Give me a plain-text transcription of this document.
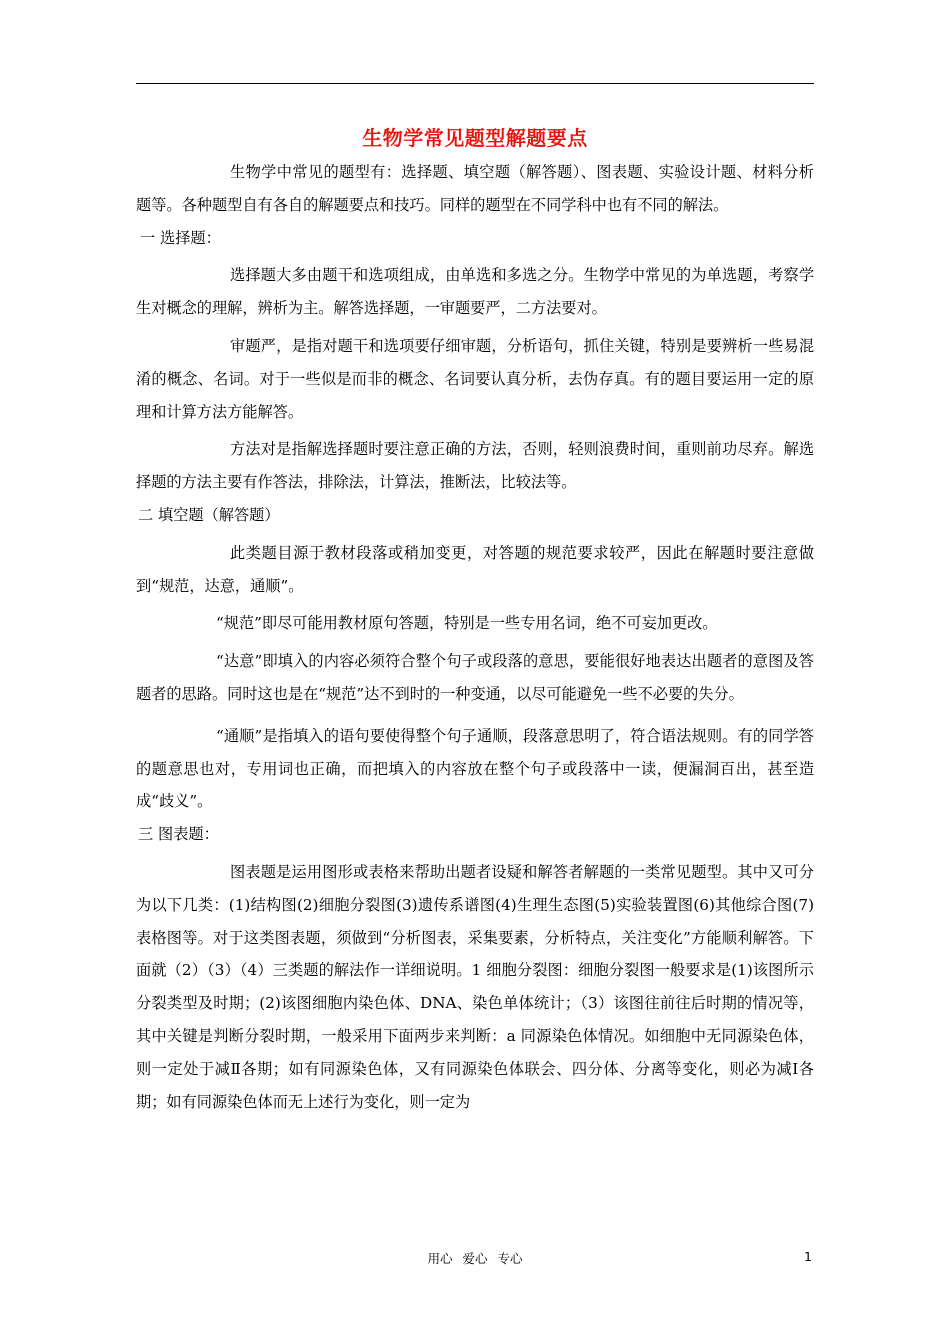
生物学常见题型解题要点

生物学中常见的题型有：选择题、填空题（解答题）、图表题、实验设计题、材料分析题等。各种题型自有各自的解题要点和技巧。同样的题型在不同学科中也有不同的解法。

一 选择题：

选择题大多由题干和选项组成，由单选和多选之分。生物学中常见的为单选题，考察学生对概念的理解，辨析为主。解答选择题，一审题要严，二方法要对。

审题严，是指对题干和选项要仔细审题，分析语句，抓住关键，特别是要辨析一些易混淆的概念、名词。对于一些似是而非的概念、名词要认真分析，去伪存真。有的题目要运用一定的原理和计算方法方能解答。

方法对是指解选择题时要注意正确的方法，否则，轻则浪费时间，重则前功尽弃。解选择题的方法主要有作答法，排除法，计算法，推断法，比较法等。

二 填空题（解答题）

此类题目源于教材段落或稍加变更，对答题的规范要求较严，因此在解题时要注意做到“规范，达意，通顺”。

“规范”即尽可能用教材原句答题，特别是一些专用名词，绝不可妄加更改。

“达意”即填入的内容必须符合整个句子或段落的意思，要能很好地表达出题者的意图及答题者的思路。同时这也是在“规范”达不到时的一种变通，以尽可能避免一些不必要的失分。

“通顺”是指填入的语句要使得整个句子通顺，段落意思明了，符合语法规则。有的同学答的题意思也对，专用词也正确，而把填入的内容放在整个句子或段落中一读，便漏洞百出，甚至造成“歧义”。

三 图表题：

图表题是运用图形或表格来帮助出题者设疑和解答者解题的一类常见题型。其中又可分为以下几类：(1)结构图(2)细胞分裂图(3)遗传系谱图(4)生理生态图(5)实验装置图(6)其他综合图(7)表格图等。对于这类图表题，须做到“分析图表，采集要素，分析特点，关注变化”方能顺利解答。下面就（2）（3）（4）三类题的解法作一详细说明。1 细胞分裂图：细胞分裂图一般要求是(1)该图所示分裂类型及时期；(2)该图细胞内染色体、DNA、染色单体统计；（3）该图往前往后时期的情况等，其中关键是判断分裂时期，一般采用下面两步来判断：a 同源染色体情况。如细胞中无同源染色体，则一定处于减Ⅱ各期；如有同源染色体，又有同源染色体联会、四分体、分离等变化，则必为减Ⅰ各期；如有同源染色体而无上述行为变化，则一定为

用心 爱心 专心	1
